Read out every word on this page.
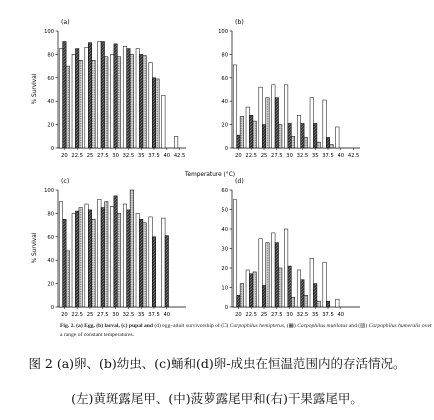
0
20
40
60
80
100
(a)
20 22.5 25 27.5 30 32.5 35 37.5 40 42.5
0
20
40
60
80
100
(b)
20 22.5 25 27.5 30 32.5 35 37.5 40 42.5
0
20
40
60
80
100
(c)
20 22.5 25 27.5 30 32.5 35 37.5 40
0
10
20
30
40
50
60
(d)
20 22.5 25 27.5 30 32.5 35 37.5 40
% Survival
% Survival
Temperature (°C)
Fig. 2. (a) Egg, (b) larval, (c) pupal and (d) egg–adult survivorship of (□) Carpophilus hemipterus, (▦) Carpophilus mutilatus and (▧) Carpophilus humeralis over a range of constant temperatures.
图 2 (a)卵、(b)幼虫、(c)蛹和(d)卵-成虫在恒温范围内的存活情况。
(左)黄斑露尾甲、(中)菠萝露尾甲和(右)干果露尾甲。
